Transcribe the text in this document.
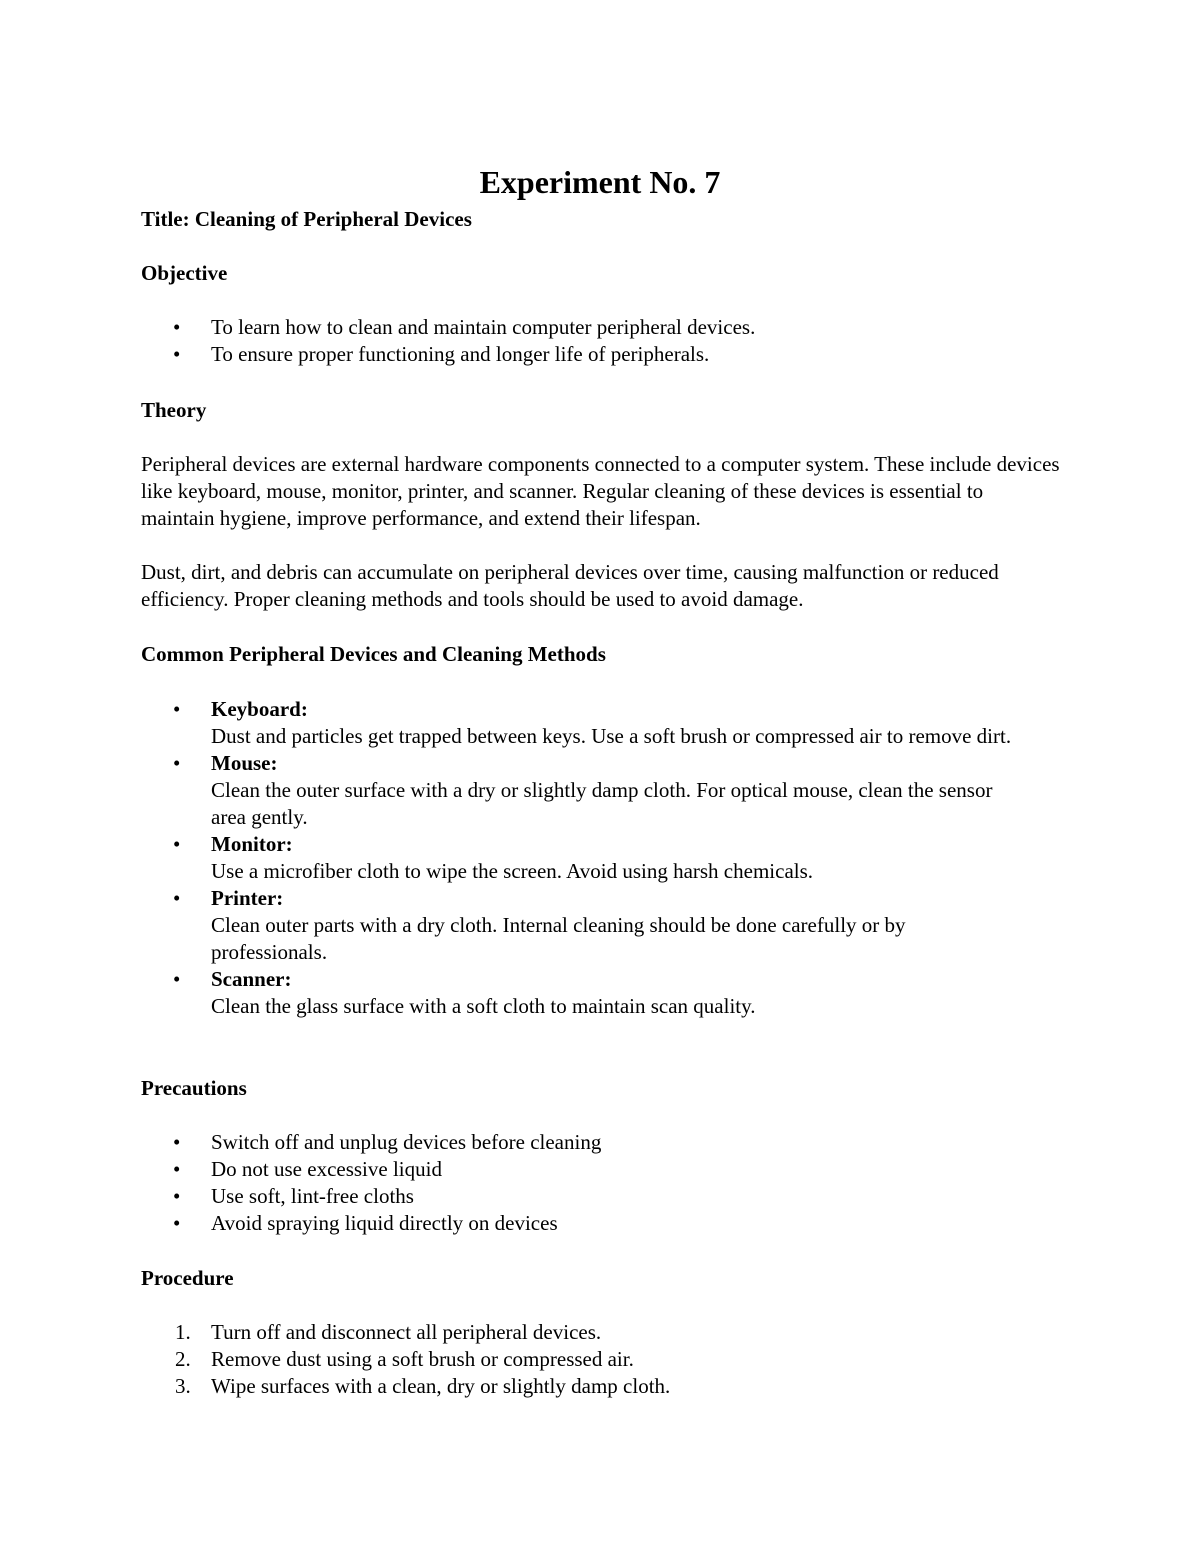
Experiment No. 7

Title: Cleaning of Peripheral Devices

Objective

• To learn how to clean and maintain computer peripheral devices.
• To ensure proper functioning and longer life of peripherals.

Theory

Peripheral devices are external hardware components connected to a computer system. These include devices like keyboard, mouse, monitor, printer, and scanner. Regular cleaning of these devices is essential to maintain hygiene, improve performance, and extend their lifespan.

Dust, dirt, and debris can accumulate on peripheral devices over time, causing malfunction or reduced efficiency. Proper cleaning methods and tools should be used to avoid damage.

Common Peripheral Devices and Cleaning Methods

• Keyboard:
Dust and particles get trapped between keys. Use a soft brush or compressed air to remove dirt.
• Mouse:
Clean the outer surface with a dry or slightly damp cloth. For optical mouse, clean the sensor area gently.
• Monitor:
Use a microfiber cloth to wipe the screen. Avoid using harsh chemicals.
• Printer:
Clean outer parts with a dry cloth. Internal cleaning should be done carefully or by professionals.
• Scanner:
Clean the glass surface with a soft cloth to maintain scan quality.

Precautions

• Switch off and unplug devices before cleaning
• Do not use excessive liquid
• Use soft, lint-free cloths
• Avoid spraying liquid directly on devices

Procedure

1. Turn off and disconnect all peripheral devices.
2. Remove dust using a soft brush or compressed air.
3. Wipe surfaces with a clean, dry or slightly damp cloth.
